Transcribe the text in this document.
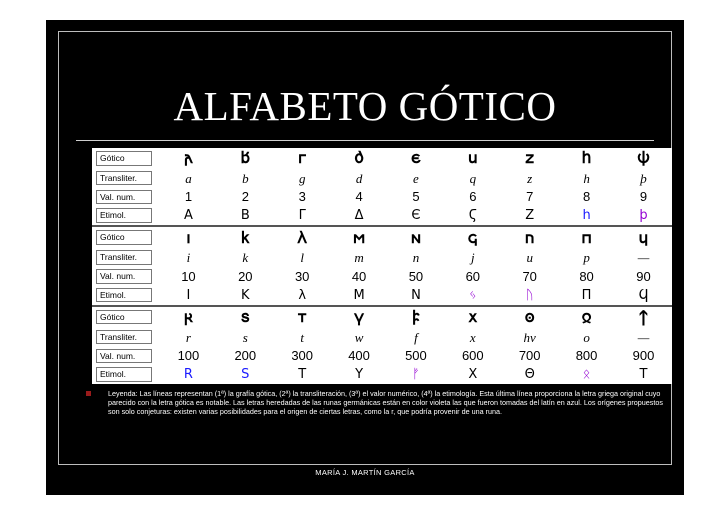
ALFABETO GÓTICO
Gótico	𐌰	𐌱	𐌲	𐌳	𐌴	𐌵	𐌶	𐌷	𐌸
Transliter.	a	b	g	d	e	q	z	h	þ
Val. num.	1	2	3	4	5	6	7	8	9
Etimol.	Α	Β	Γ	Δ	Є	Ϛ	Ζ	h	þ
Gótico	𐌹	𐌺	𐌻	𐌼	𐌽	𐌾	𐌿	𐍀	𐍁
Transliter.	i	k	l	m	n	j	u	p	—
Val. num.	10	20	30	40	50	60	70	80	90
Etimol.	Ι	Κ	λ	Μ	Ν	ᛃ	ᚢ	Π	Ϥ
Gótico	𐍂	𐍃	𐍄	𐍅	𐍆	𐍇	𐍈	𐍉	𐍊
Transliter.	r	s	t	w	f	x	hv	o	—
Val. num.	100	200	300	400	500	600	700	800	900
Etimol.	R	S	Τ	Υ	ᚠ	Χ	Θ	ᛟ	Τ
Leyenda: Las líneas representan (1ª) la grafía gótica, (2ª) la transliteración, (3ª) el valor numérico, (4ª) la etimología. Esta última línea proporciona la letra griega original cuyo parecido con la letra gótica es notable. Las letras heredadas de las runas germánicas están en color violeta las que fueron tomadas del latín en azul. Los orígenes propuestos son solo conjeturas: existen varias posibilidades para el origen de ciertas letras, como la r, que podría provenir de una runa.
MARÍA J. MARTÍN GARCÍA
